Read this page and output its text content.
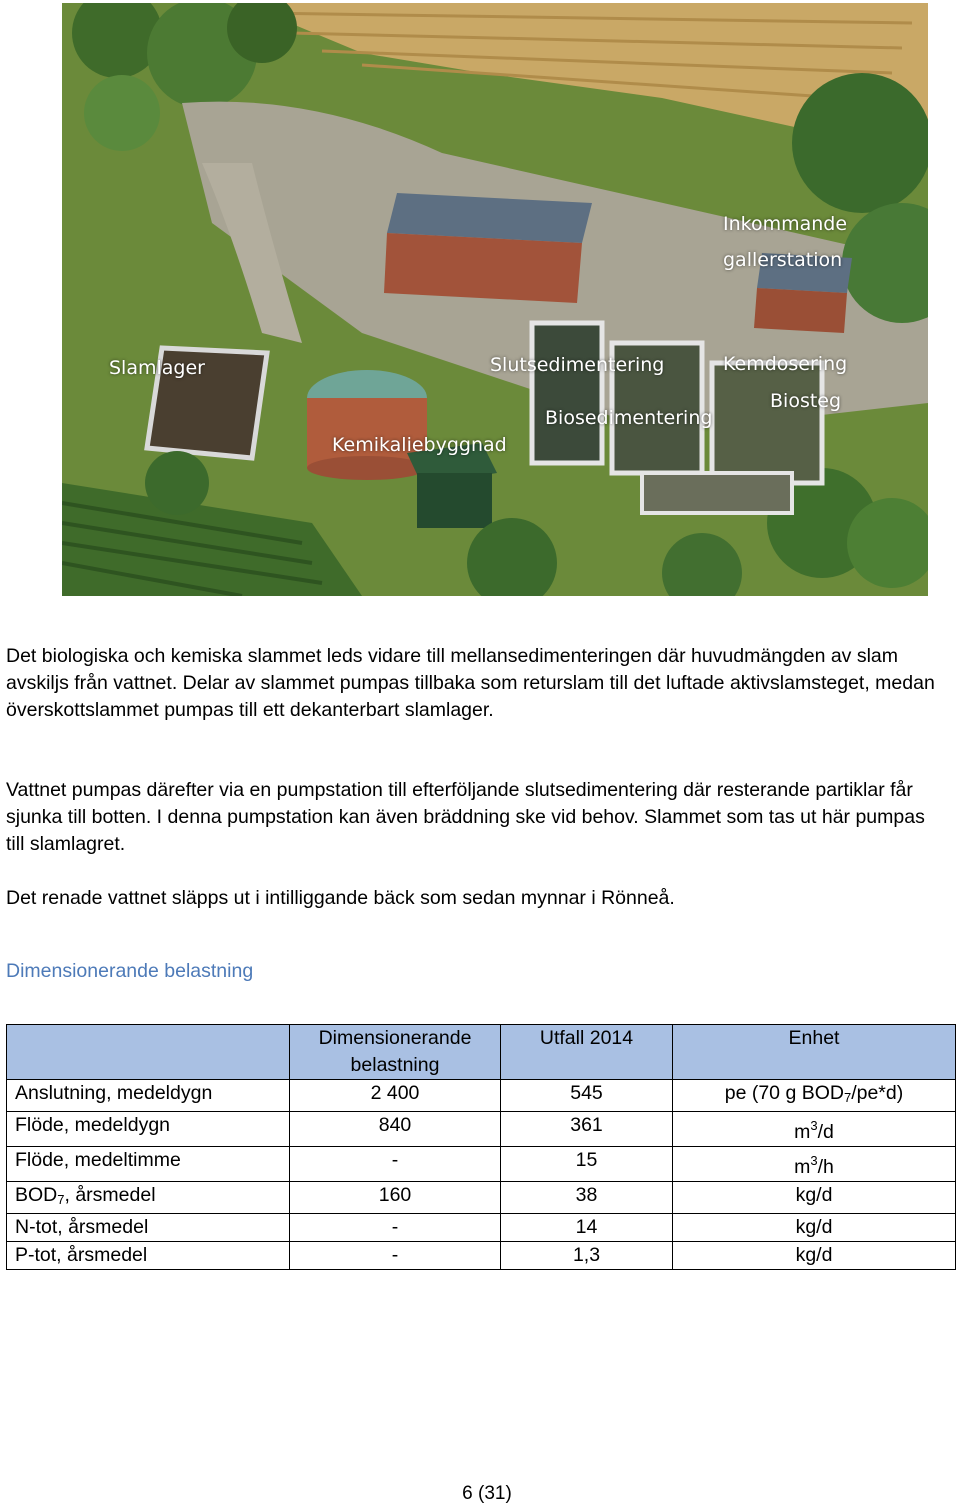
Inkommande
gallerstation
Slamlager	Slutsedimentering	Kemdosering
Biosteg
Biosedimentering
Kemikaliebyggnad

Det biologiska och kemiska slammet leds vidare till mellansedimenteringen där huvudmängden av slam avskiljs från vattnet. Delar av slammet pumpas tillbaka som returslam till det luftade aktivslamsteget, medan överskottslammet pumpas till ett dekanterbart slamlager.

Vattnet pumpas därefter via en pumpstation till efterföljande slutsedimentering där resterande partiklar får sjunka till botten. I denna pumpstation kan även bräddning ske vid behov. Slammet som tas ut här pumpas till slamlagret.

Det renade vattnet släpps ut i intilliggande bäck som sedan mynnar i Rönneå.

Dimensionerande belastning

	Dimensionerande belastning	Utfall 2014	Enhet
Anslutning, medeldygn	2 400	545	pe (70 g $BOD_7/pe*d$)
Flöde, medeldygn	840	361	$m^3/d$
Flöde, medeltimme	-	15	$m^3/h$
$BOD_7$, årsmedel	160	38	kg/d
N-tot, årsmedel	-	14	kg/d
P-tot, årsmedel	-	1,3	kg/d
6 (31)
